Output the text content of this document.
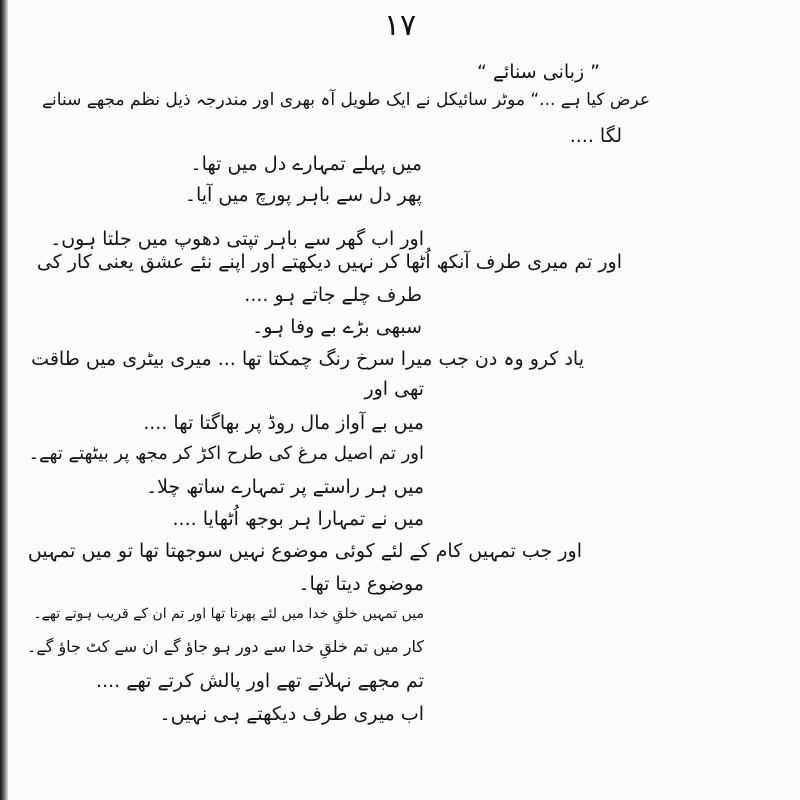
١٧
” زبانی سنائے “
عرض کیا ہے ...“ موٹر سائیکل نے ایک طویل آہ بھری اور مندرجہ ذیل نظم مجھے سنانے
لگا ....
میں پہلے تمہارے دل میں تھا۔
پھر دل سے باہر پورچ میں آیا۔
اور اب گھر سے باہر تپتی دھوپ میں جلتا ہوں۔
اور تم میری طرف آنکھ اُٹھا کر نہیں دیکھتے اور اپنے نئے عشق یعنی کار کی
طرف چلے جاتے ہو ....
سبھی بڑے بے وفا ہو۔
یاد کرو وہ دن جب میرا سرخ رنگ چمکتا تھا ... میری بیٹری میں طاقت
تھی اور
میں بے آواز مال روڈ پر بھاگتا تھا ....
اور تم اصیل مرغ کی طرح اکڑ کر مجھ پر بیٹھتے تھے۔
میں ہر راستے پر تمہارے ساتھ چلا۔
میں نے تمہارا ہر بوجھ اُٹھایا ....
اور جب تمہیں کام کے لئے کوئی موضوع نہیں سوجھتا تھا تو میں تمہیں
موضوع دیتا تھا۔
میں تمہیں خلقِ خدا میں لئے پھرتا تھا اور تم ان کے قریب ہوتے تھے۔
کار میں تم خلقِ خدا سے دور ہو جاؤ گے ان سے کٹ جاؤ گے۔
تم مجھے نہلاتے تھے اور پالش کرتے تھے ....
اب میری طرف دیکھتے ہی نہیں۔
